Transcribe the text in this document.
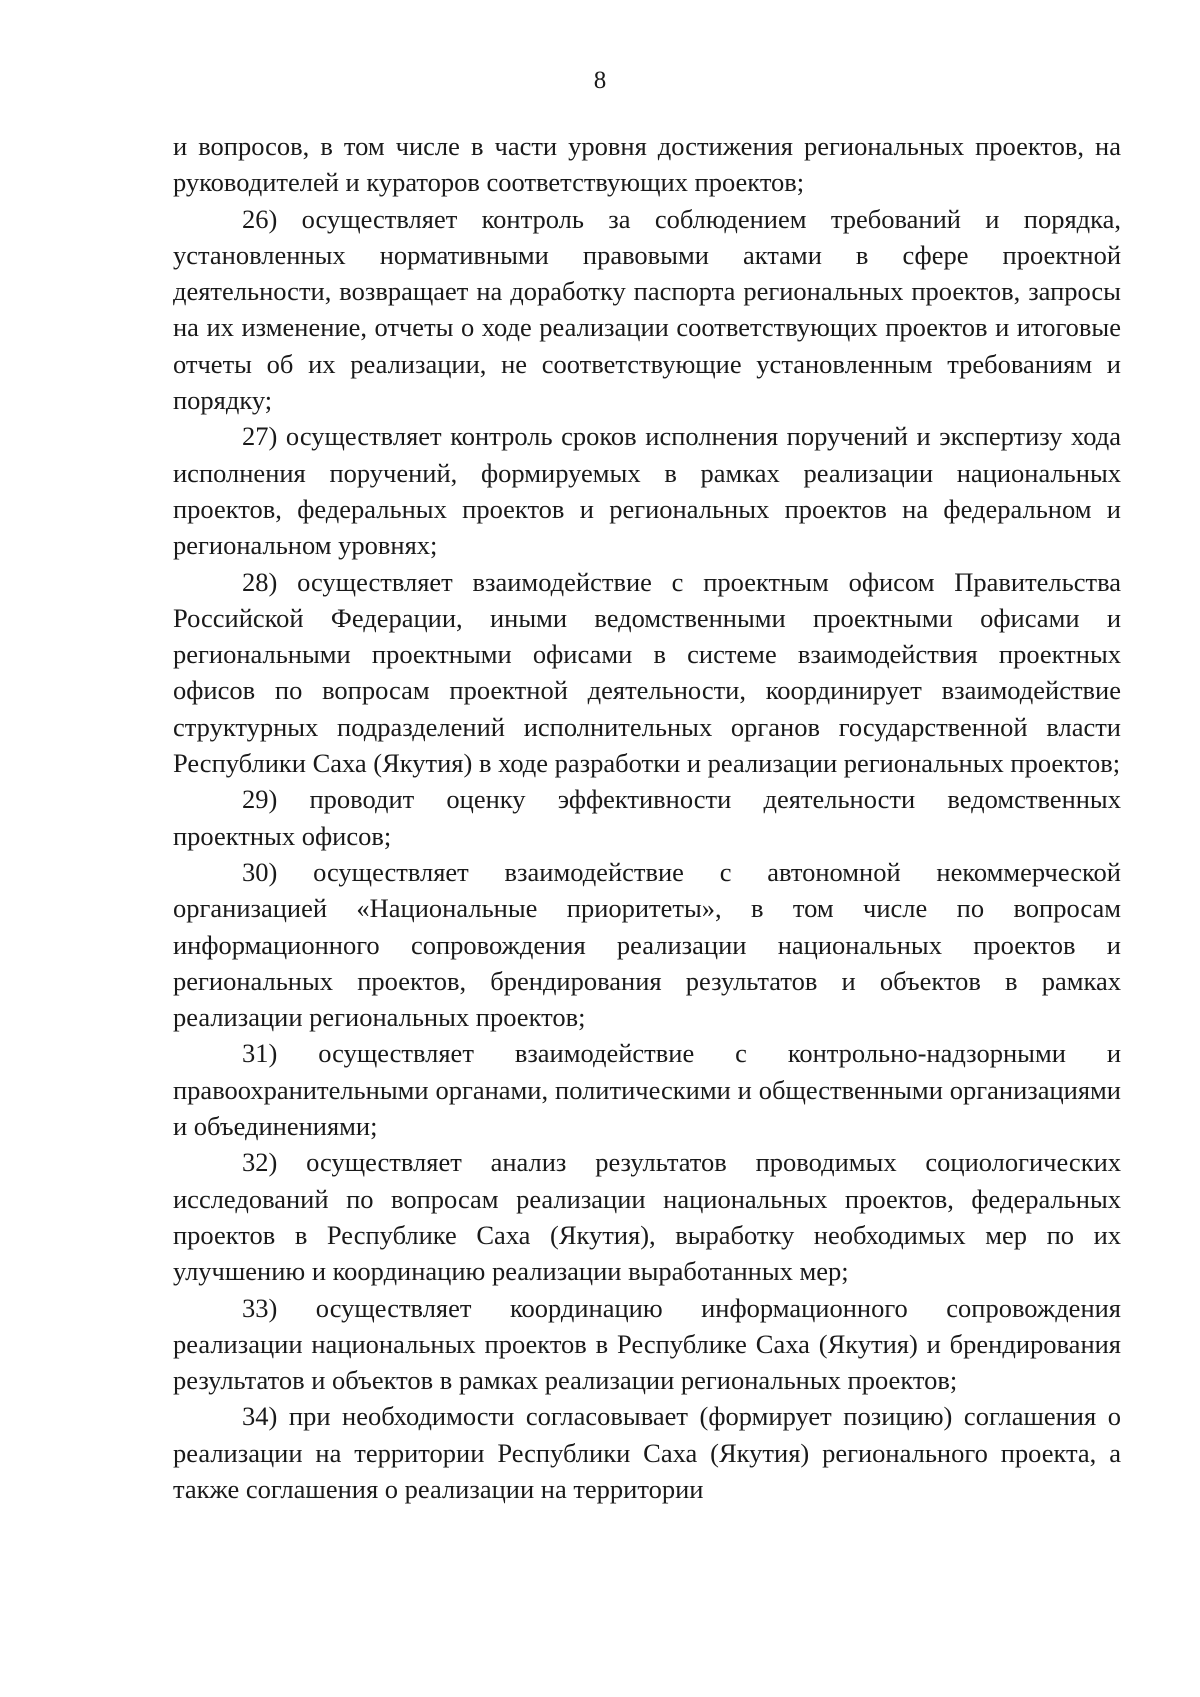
8

и вопросов, в том числе в части уровня достижения региональных проектов, на руководителей и кураторов соответствующих проектов;

26) осуществляет контроль за соблюдением требований и порядка, установленных нормативными правовыми актами в сфере проектной деятельности, возвращает на доработку паспорта региональных проектов, запросы на их изменение, отчеты о ходе реализации соответствующих проектов и итоговые отчеты об их реализации, не соответствующие установленным требованиям и порядку;

27) осуществляет контроль сроков исполнения поручений и экспертизу хода исполнения поручений, формируемых в рамках реализации национальных проектов, федеральных проектов и региональных проектов на федеральном и региональном уровнях;

28) осуществляет взаимодействие с проектным офисом Правительства Российской Федерации, иными ведомственными проектными офисами и региональными проектными офисами в системе взаимодействия проектных офисов по вопросам проектной деятельности, координирует взаимодействие структурных подразделений исполнительных органов государственной власти Республики Саха (Якутия) в ходе разработки и реализации региональных проектов;

29) проводит оценку эффективности деятельности ведомственных проектных офисов;

30) осуществляет взаимодействие с автономной некоммерческой организацией «Национальные приоритеты», в том числе по вопросам информационного сопровождения реализации национальных проектов и региональных проектов, брендирования результатов и объектов в рамках реализации региональных проектов;

31) осуществляет взаимодействие с контрольно-надзорными и правоохранительными органами, политическими и общественными организациями и объединениями;

32) осуществляет анализ результатов проводимых социологических исследований по вопросам реализации национальных проектов, федеральных проектов в Республике Саха (Якутия), выработку необходимых мер по их улучшению и координацию реализации выработанных мер;

33) осуществляет координацию информационного сопровождения реализации национальных проектов в Республике Саха (Якутия) и брендирования результатов и объектов в рамках реализации региональных проектов;

34) при необходимости согласовывает (формирует позицию) соглашения о реализации на территории Республики Саха (Якутия) регионального проекта, а также соглашения о реализации на территории
